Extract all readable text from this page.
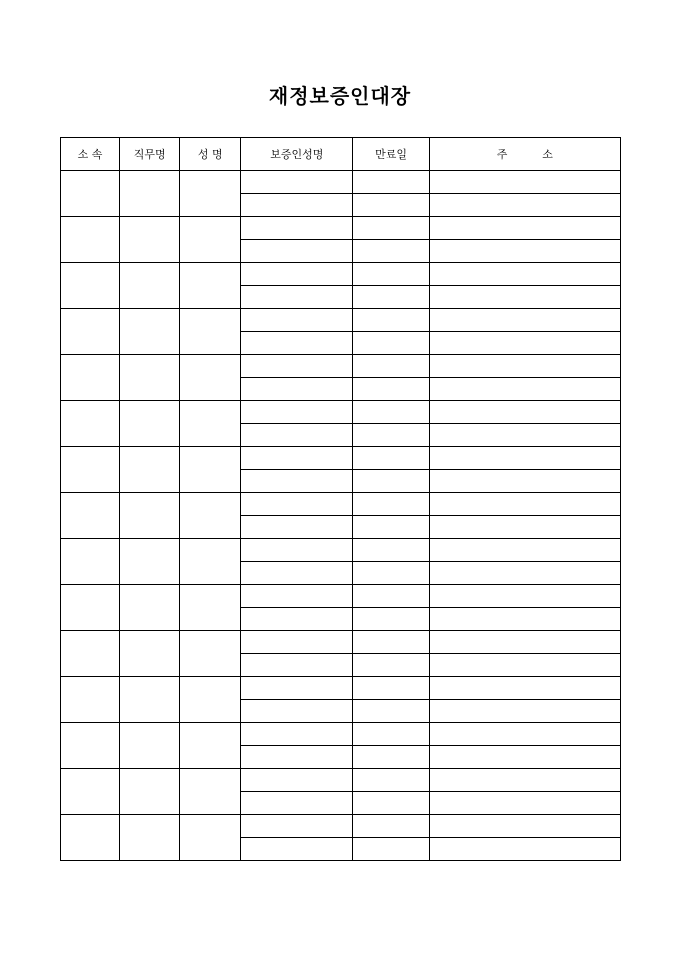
재정보증인대장
소 속	직무명	성 명	보증인성명	만료일	주          소
